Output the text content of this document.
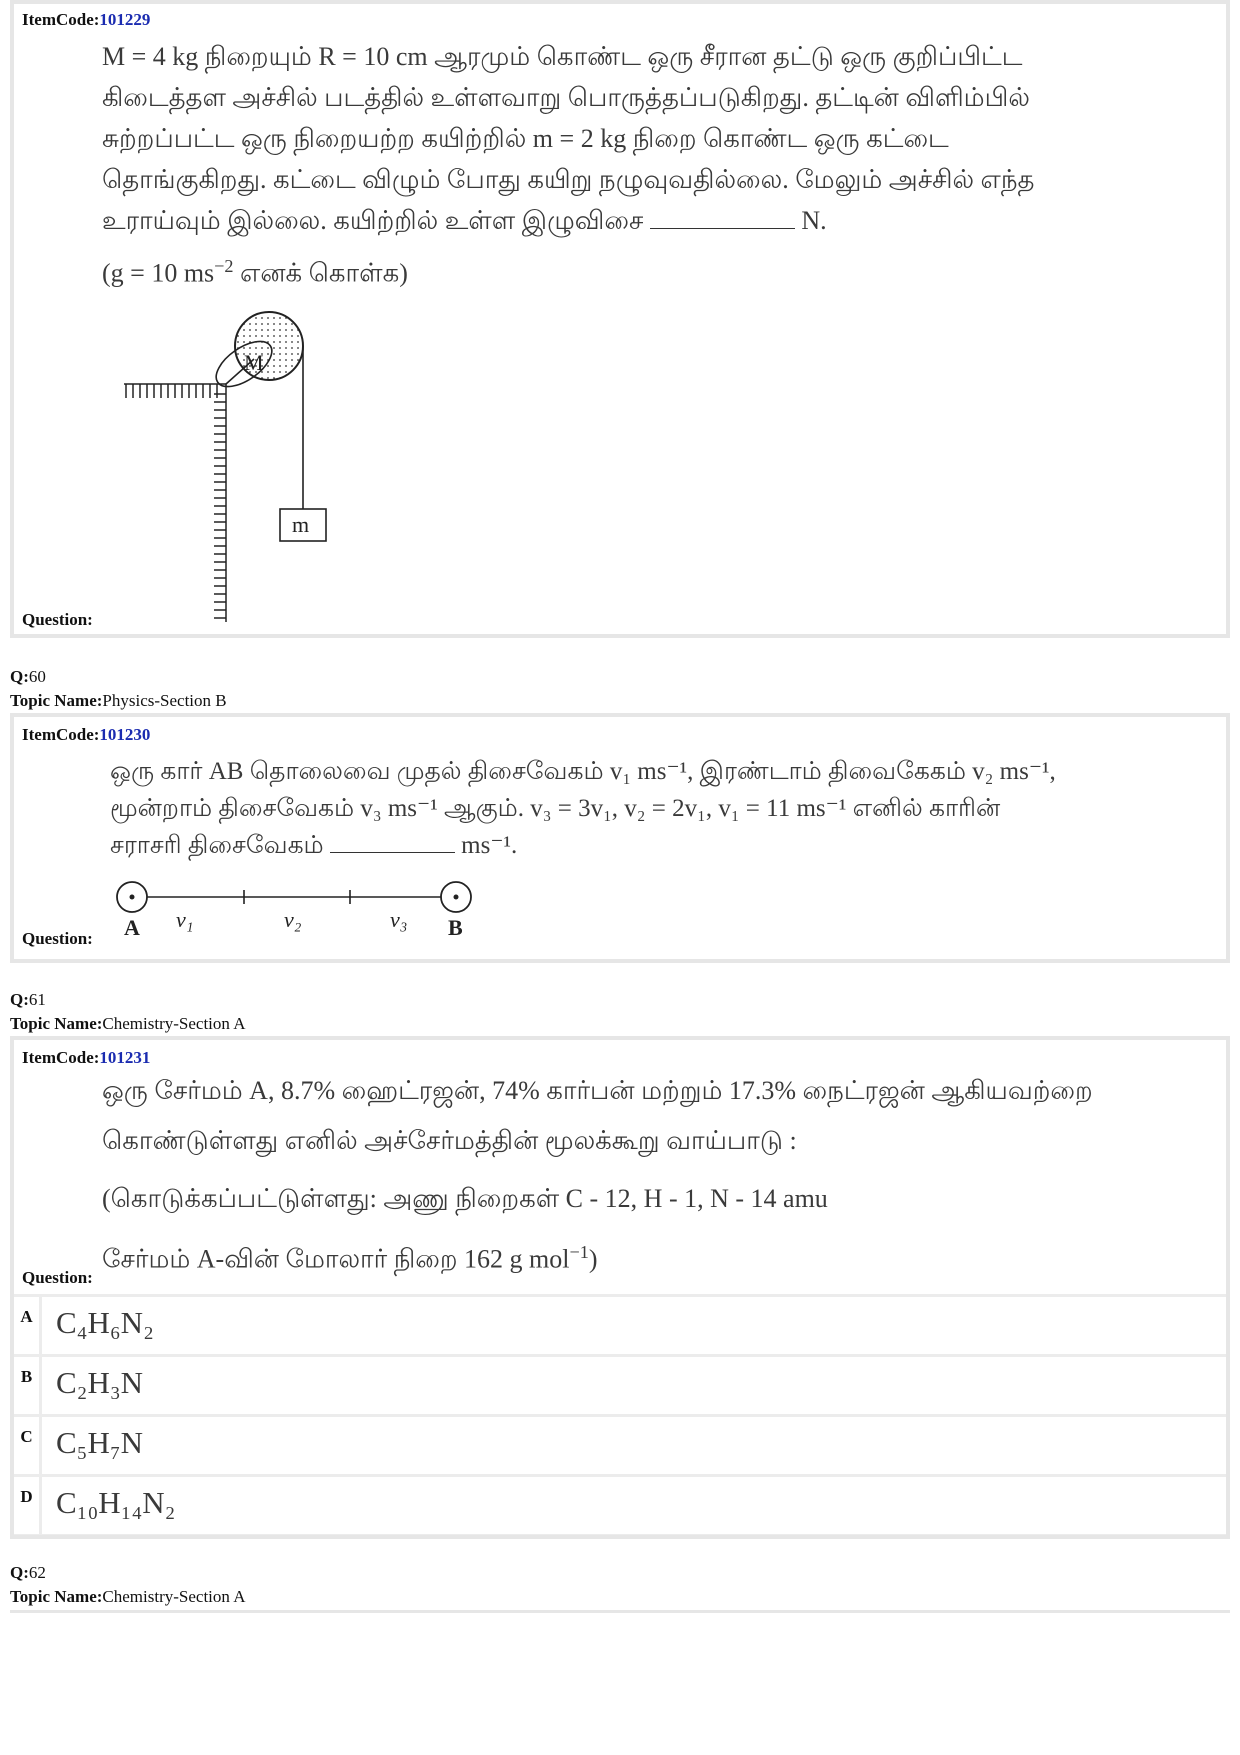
ItemCode:101229
M = 4 kg நிறையும் R = 10 cm ஆரமும் கொண்ட ஒரு சீரான தட்டு ஒரு குறிப்பிட்ட
கிடைத்தள அச்சில் படத்தில் உள்ளவாறு பொருத்தப்படுகிறது. தட்டின் விளிம்பில்
சுற்றப்பட்ட ஒரு நிறையற்ற கயிற்றில் m = 2 kg நிறை கொண்ட ஒரு கட்டை
தொங்குகிறது. கட்டை விழும் போது கயிறு நழுவுவதில்லை. மேலும் அச்சில் எந்த
உராய்வும் இல்லை. கயிற்றில் உள்ள இழுவிசை	N.
(g = 10 $ms^{-2}$ எனக் கொள்க)
M
m
Question:
Q:60
Topic Name:Physics-Section B
ItemCode:101230
ஒரு கார் AB தொலைவை முதல் திசைவேகம் v₁ ms⁻¹, இரண்டாம் திவைகேகம் v₂ ms⁻¹,
மூன்றாம் திசைவேகம் v₃ ms⁻¹ ஆகும். v₃ = 3v₁, v₂ = 2v₁, v₁ = 11 ms⁻¹ எனில் காரின்
சராசரி திசைவேகம்	ms⁻¹.
A	B
v₁	v₂	v₃
Question:
Q:61
Topic Name:Chemistry-Section A
ItemCode:101231
ஒரு சேர்மம் A, 8.7% ஹைட்ரஜன், 74% கார்பன் மற்றும் 17.3% நைட்ரஜன் ஆகியவற்றை
கொண்டுள்ளது எனில் அச்சேர்மத்தின் மூலக்கூறு வாய்பாடு :
(கொடுக்கப்பட்டுள்ளது: அணு நிறைகள் C - 12, H - 1, N - 14 amu
சேர்மம் A-வின் மோலார் நிறை 162 g mol$^{-1}$)
Question:
A C₄H₆N₂
B C₂H₃N
C C₅H₇N
D C₁₀H₁₄N₂
Q:62
Topic Name:Chemistry-Section A
